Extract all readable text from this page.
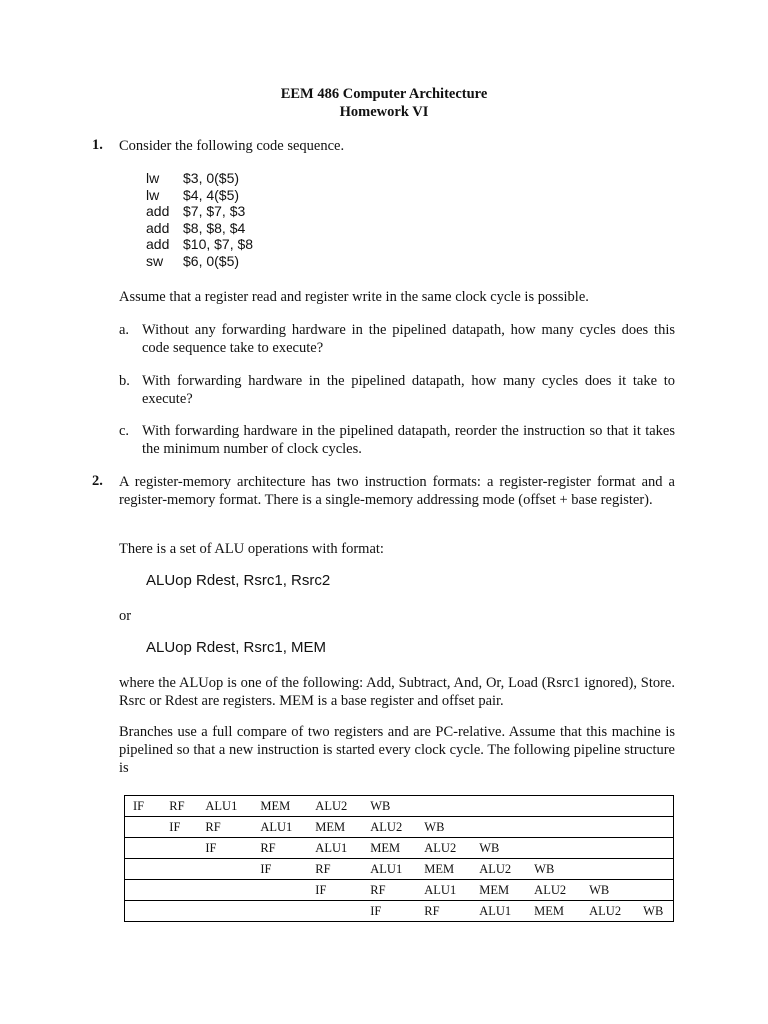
EEM 486 Computer Architecture
Homework VI
1. Consider the following code sequence.
lw	$3, 0($5)
lw	$4, 4($5)
add $7, $7, $3
add $8, $8, $4
add $10, $7, $8
sw	$6, 0($5)
Assume that a register read and register write in the same clock cycle is possible.
a. Without any forwarding hardware in the pipelined datapath, how many cycles does this code sequence take to execute?
b. With forwarding hardware in the pipelined datapath, how many cycles does it take to execute?
c. With forwarding hardware in the pipelined datapath, reorder the instruction so that it takes the minimum number of clock cycles.
2. A register-memory architecture has two instruction formats: a register-register format and a register-memory format. There is a single-memory addressing mode (offset + base register).
There is a set of ALU operations with format:
ALUop Rdest, Rsrc1, Rsrc2
or
ALUop Rdest, Rsrc1, MEM
where the ALUop is one of the following: Add, Subtract, And, Or, Load (Rsrc1 ignored), Store. Rsrc or Rdest are registers. MEM is a base register and offset pair.
Branches use a full compare of two registers and are PC-relative. Assume that this machine is pipelined so that a new instruction is started every clock cycle. The following pipeline structure is
IF	RF	ALU1	MEM	ALU2	WB					
	IF	RF	ALU1	MEM	ALU2	WB				
		IF	RF	ALU1	MEM	ALU2	WB			
			IF	RF	ALU1	MEM	ALU2	WB		
				IF	RF	ALU1	MEM	ALU2	WB	
					IF	RF	ALU1	MEM	ALU2	WB
